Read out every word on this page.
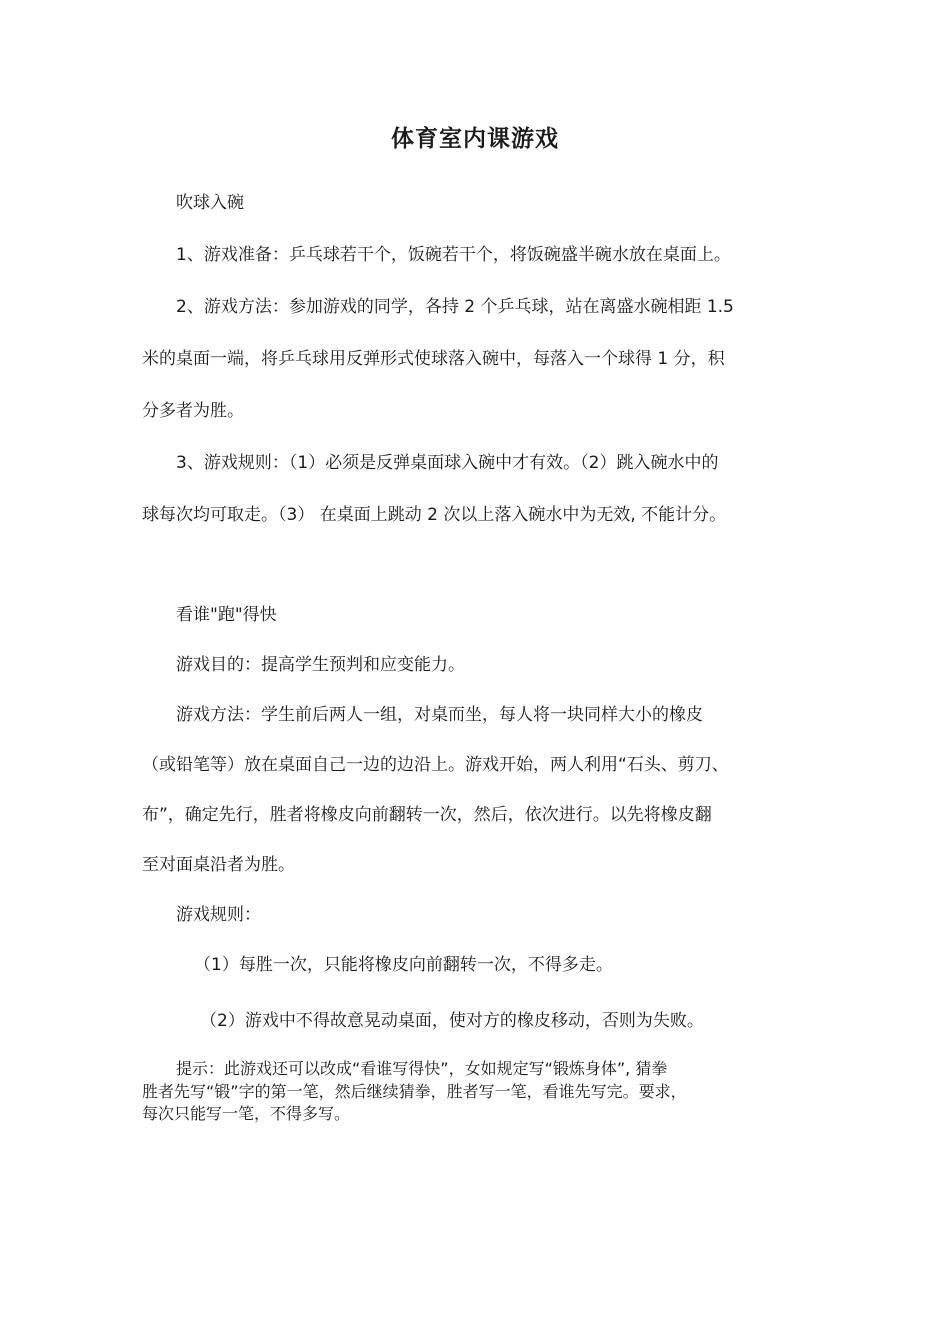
体育室内课游戏
吹球入碗
1、游戏准备：乒乓球若干个，饭碗若干个，将饭碗盛半碗水放在桌面上。
2、游戏方法：参加游戏的同学，各持 2 个乒乓球，站在离盛水碗相距 1.5
米的桌面一端，将乒乓球用反弹形式使球落入碗中，每落入一个球得 1 分，积
分多者为胜。
3、游戏规则：（1）必须是反弹桌面球入碗中才有效。（2）跳入碗水中的
球每次均可取走。（3） 在桌面上跳动 2 次以上落入碗水中为无效, 不能计分。
看谁"跑"得快
游戏目的：提高学生预判和应变能力。
游戏方法：学生前后两人一组，对桌而坐，每人将一块同样大小的橡皮
（或铅笔等）放在桌面自己一边的边沿上。游戏开始，两人利用“石头、剪刀、
布”，确定先行，胜者将橡皮向前翻转一次，然后，依次进行。以先将橡皮翻
至对面桌沿者为胜。
游戏规则：
（1）每胜一次，只能将橡皮向前翻转一次，不得多走。
（2）游戏中不得故意晃动桌面，使对方的橡皮移动，否则为失败。
提示：此游戏还可以改成“看谁写得快”，女如规定写“锻炼身体”, 猜拳
胜者先写“锻”字的第一笔，然后继续猜拳，胜者写一笔，看谁先写完。要求，
每次只能写一笔，不得多写。
